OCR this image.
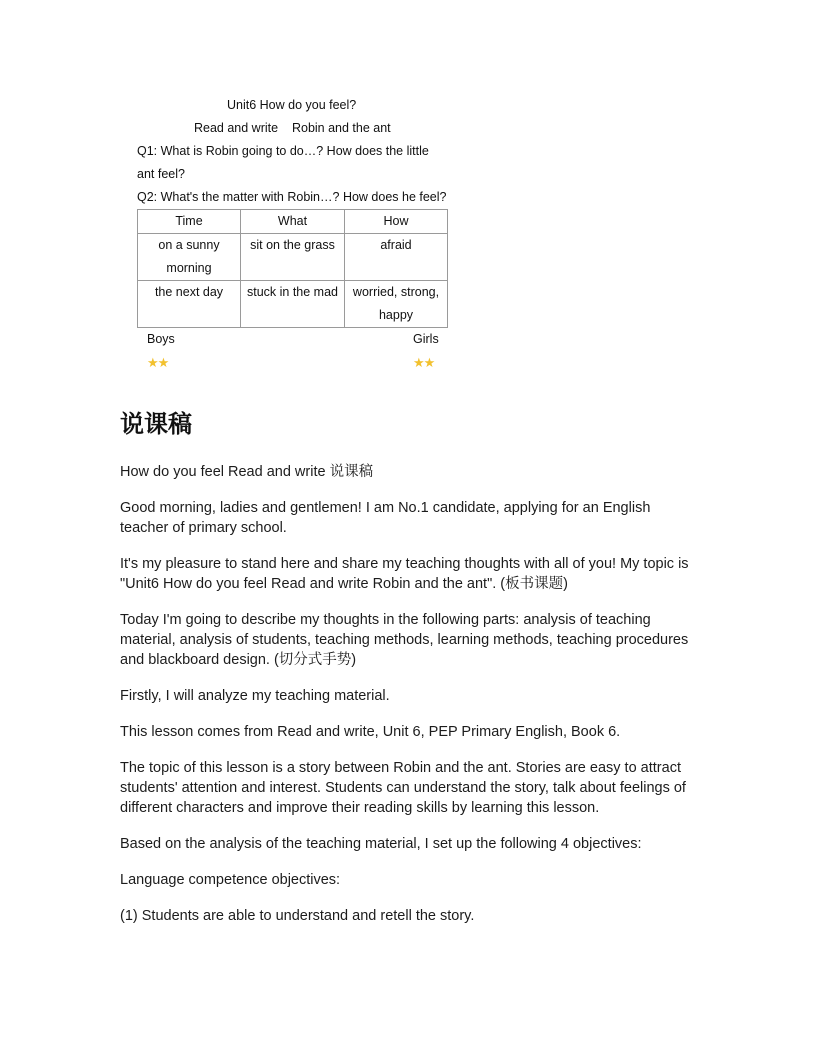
Unit6 How do you feel?
Read and write    Robin and the ant
Q1: What is Robin going to do…? How does the little
ant feel?
Q2: What's the matter with Robin…? How does he feel?
Time	What	How

on a sunny
morning	sit on the grass	afraid

the next day	stuck in the mad	worried, strong,
happy
Boys
★★
Girls
★★
说课稿

How do you feel Read and write 说课稿

Good morning, ladies and gentlemen! I am No.1 candidate, applying for an English teacher of primary school.

It's my pleasure to stand here and share my teaching thoughts with all of you! My topic is "Unit6 How do you feel Read and write Robin and the ant". (板书课题)

Today I'm going to describe my thoughts in the following parts: analysis of teaching material, analysis of students, teaching methods, learning methods, teaching procedures and blackboard design. (切分式手势)

Firstly, I will analyze my teaching material.

This lesson comes from Read and write, Unit 6, PEP Primary English, Book 6.

The topic of this lesson is a story between Robin and the ant. Stories are easy to attract students' attention and interest. Students can understand the story, talk about feelings of different characters and improve their reading skills by learning this lesson.

Based on the analysis of the teaching material, I set up the following 4 objectives:

Language competence objectives:

(1) Students are able to understand and retell the story.
